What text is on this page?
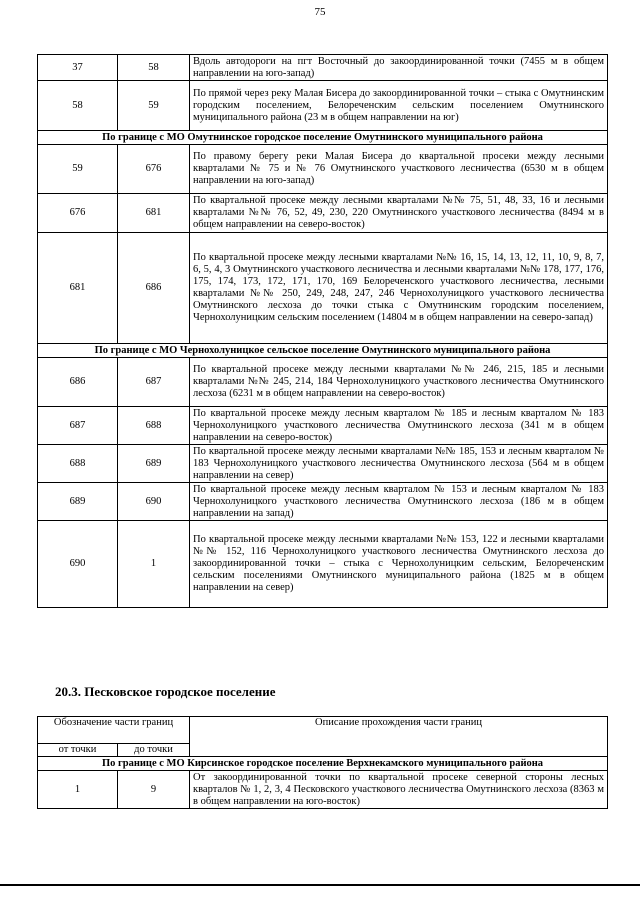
75
37	58	Вдоль автодороги на пгт Восточный до закоординированной точки (7455 м в общем направлении на юго-запад)
58	59	По прямой через реку Малая Бисера до закоординированной точки – стыка с Омутнинским городским поселением, Белореченским сельским поселением Омутнинского муниципального района (23 м в общем направлении на юг)
По границе с МО Омутнинское городское поселение Омутнинского муниципального района		
59	676	По правому берегу реки Малая Бисера до квартальной просеки между лесными кварталами № 75 и № 76 Омутнинского участкового лесничества (6530 м в общем направлении на юго-запад)
676	681	По квартальной просеке между лесными кварталами №№ 75, 51, 48, 33, 16 и лесными кварталами №№ 76, 52, 49, 230, 220 Омутнинского участкового лесничества (8494 м в общем направлении на северо-восток)
681	686	По квартальной просеке между лесными кварталами №№ 16, 15, 14, 13, 12, 11, 10, 9, 8, 7, 6, 5, 4, 3 Омутнинского участкового лесничества и лесными кварталами №№ 178, 177, 176, 175, 174, 173, 172, 171, 170, 169 Белореченского участкового лесничества, лесными кварталами №№ 250, 249, 248, 247, 246 Чернохолуницкого участкового лесничества Омутнинского лесхоза до точки стыка с Омутнинским городским поселением, Чернохолуницким сельским поселением (14804 м в общем направлении на северо-запад)
По границе с МО Чернохолуницкое сельское поселение Омутнинского муниципального района		
686	687	По квартальной просеке между лесными кварталами №№ 246, 215, 185 и лесными кварталами №№ 245, 214, 184 Чернохолуницкого участкового лесничества Омутнинского лесхоза (6231 м в общем направлении на северо-восток)
687	688	По квартальной просеке между лесным кварталом № 185 и лесным кварталом № 183 Чернохолуницкого участкового лесничества Омутнинского лесхоза (341 м в общем направлении на северо-восток)
688	689	По квартальной просеке между лесными кварталами №№ 185, 153 и лесным кварталом № 183 Чернохолуницкого участкового лесничества Омутнинского лесхоза (564 м в общем направлении на север)
689	690	По квартальной просеке между лесным кварталом № 153 и лесным кварталом № 183 Чернохолуницкого участкового лесничества Омутнинского лесхоза (186 м в общем направлении на запад)
690	1	По квартальной просеке между лесными кварталами №№ 153, 122 и лесными кварталами №№ 152, 116 Чернохолуницкого участкового лесничества Омутнинского лесхоза до закоординированной точки – стыка с Чернохолуницким сельским, Белореченским сельским поселениями Омутнинского муниципального района (1825 м в общем направлении на север)
20.3. Песковское городское поселение
Обозначение части границ		Описание прохождения части границ
от точки	до точки	
По границе с МО Кирсинское городское поселение Верхнекамского муниципального района		
1	9	От закоординированной точки по квартальной просеке северной стороны лесных кварталов № 1, 2, 3, 4 Песковского участкового лесничества Омутнинского лесхоза (8363 м в общем направлении на юго-восток)
